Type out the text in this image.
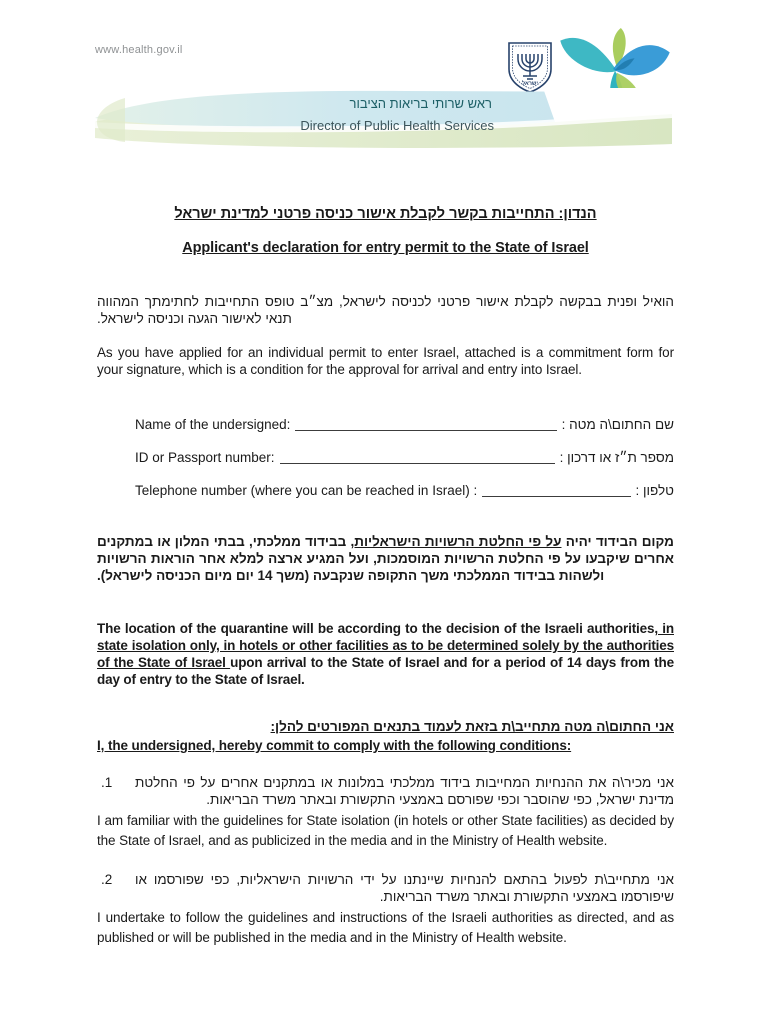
www.health.gov.il
ישראל
ראש שרותי בריאות הציבור
Director of Public Health Services
הנדון: התחייבות בקשר לקבלת אישור כניסה פרטני למדינת ישראל
Applicant's declaration for entry permit to the State of Israel
הואיל ופנית בבקשה לקבלת אישור פרטני לכניסה לישראל, מצ״ב טופס התחייבות לחתימתך המהווה תנאי לאישור הגעה וכניסה לישראל.
As you have applied for an individual permit to enter Israel, attached is a commitment form for your signature, which is a condition for the approval for arrival and entry into Israel.
Name of the undersigned:	שם החתום\ה מטה :
ID or Passport number:	מספר ת״ז או דרכון :
Telephone number (where you can be reached in Israel) :	טלפון :
מקום הבידוד יהיה על פי החלטת הרשויות הישראליות, בבידוד ממלכתי, בבתי המלון או במתקנים אחרים שיקבעו על פי החלטת הרשויות המוסמכות, ועל המגיע ארצה למלא אחר הוראות הרשויות ולשהות בבידוד הממלכתי משך התקופה שנקבעה (משך 14 יום מיום הכניסה לישראל).
The location of the quarantine will be according to the decision of the Israeli authorities, in state isolation only, in hotels or other facilities as to be determined solely by the authorities of the State of Israel upon arrival to the State of Israel and for a period of 14 days from the day of entry to the State of Israel.
אני החתום\ה מטה מתחייב\ת בזאת לעמוד בתנאים המפורטים להלן:
I, the undersigned, hereby commit to comply with the following conditions:
.1	אני מכיר\ה את ההנחיות המחייבות בידוד ממלכתי במלונות או במתקנים אחרים על פי החלטת מדינת ישראל, כפי שהוסבר וכפי שפורסם באמצעי התקשורת ובאתר משרד הבריאות.
I am familiar with the guidelines for State isolation (in hotels or other State facilities) as decided by the State of Israel, and as publicized in the media and in the Ministry of Health website.
.2	אני מתחייב\ת לפעול בהתאם להנחיות שיינתנו על ידי הרשויות הישראליות, כפי שפורסמו או שיפורסמו באמצעי התקשורת ובאתר משרד הבריאות.
I undertake to follow the guidelines and instructions of the Israeli authorities as directed, and as published or will be published in the media and in the Ministry of Health website.
